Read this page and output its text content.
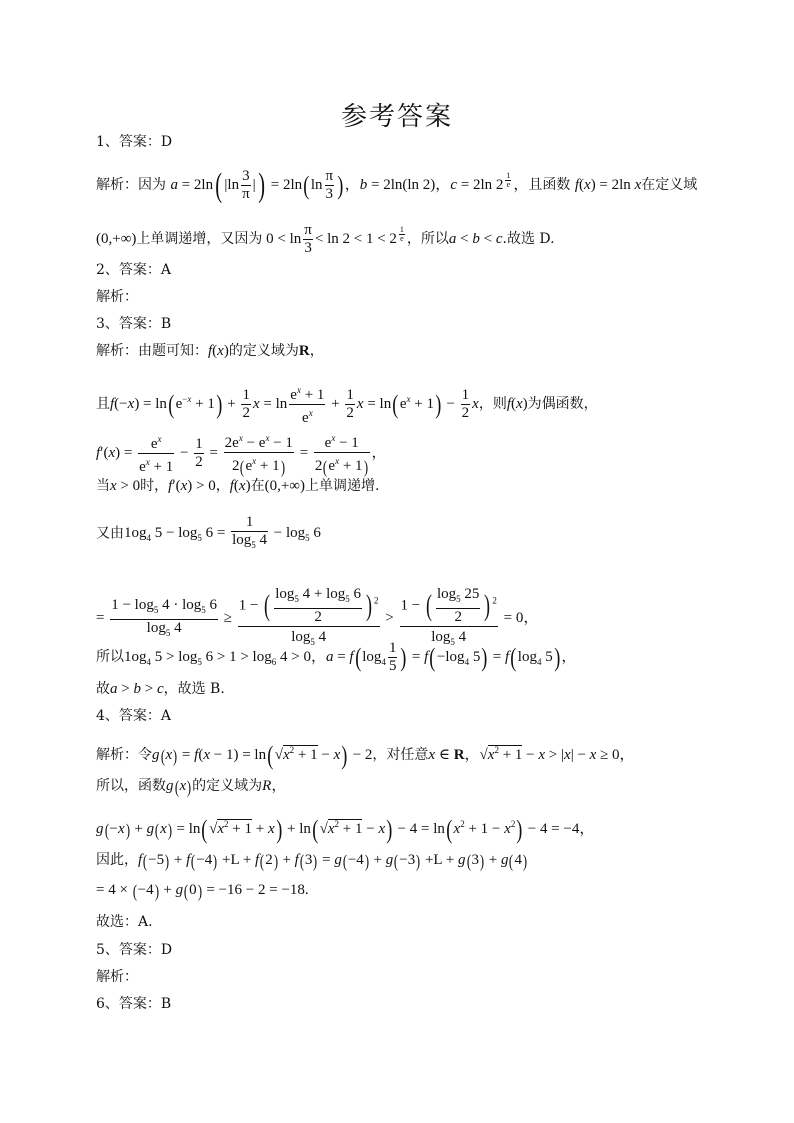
参考答案
1、答案：D
解析：因为 a = 2ln( $|\ln \frac{3}{\pi}$ |) = $2\ln(\ln \frac{\pi}{3}$ )，b = 2ln(ln 2)，c = 2ln 2 $^{\frac{1}{e}}$ ，且函数 f(x) = 2ln x在定义域
(0,+∞)上单调递增，又因为 $0 < \ln \frac{\pi}{3} < \ln 2 < 1 < 2$ $^{\frac{1}{e}}$ ，所以a < b < c.故选 D.
2、答案：A
解析：
3、答案：B
解析：由题可知：f(x)的定义域为R，
且$f(-x) = \ln(e^{-x} + 1) + \frac{1}{2}$ $x = \ln \frac{e^x + 1}{e^x} + \frac{1}{2}$ $x = \ln(e^x + 1) - \frac{1}{2}$ x，则f(x)为偶函数，
$f'(x) = \frac{e^x}{e^x + 1} - \frac{1}{2} = \frac{2e^x - e^x - 1}{2(e^x + 1)} = \frac{e^x - 1}{2(e^x + 1)}$ ，
当x > 0时，f′(x) > 0，f(x)在(0,+∞)上单调递增.
又由$1og_4$ $5 - \log_5 6 = \frac{1}{\log_5 4} - \log_5 6$
= $\frac{1 - \log_5 4 \cdot \log_5 6}{\log_5 4} \ge \frac{1 - ( \frac{\log_5 4 + \log_5 6}{2} ) ^2}{\log_5 4} > \frac{1 - ( \frac{\log_5 25}{2} ) ^2}{\log_5 4} = 0$，
所以$1og_4$ $5 > \log_5 6 > 1 > \log_6 4 > 0$，$a = f(\log_4 \frac{1}{5}$ ) = $f(-\log_4$ $5) = f(\log_4$ 5)，
故a > b > c，故选 B.
4、答案：A
解析：令$g(x) = f(x - 1) = \ln(√x^2 + 1 - x) - 2$，对任意x ∈ R，$√x^2 + 1 - x > |x| - x \ge 0$，
所以，函数g(x)的定义域为R，
$g(-x) + g(x) = \ln(√x^2 + 1 + x) + \ln(√x^2 + 1 - x) - 4 = \ln(x^2 + 1 - x^2) - 4 = -4$，
因此，f(−5) + f(−4) +L + f(2) + f(3) = g(−4) + g(−3) +L + g(3) + g(4)
= 4 × (−4) + g(0) = −16 − 2 = −18.
故选：A.
5、答案：D
解析：
6、答案：B
